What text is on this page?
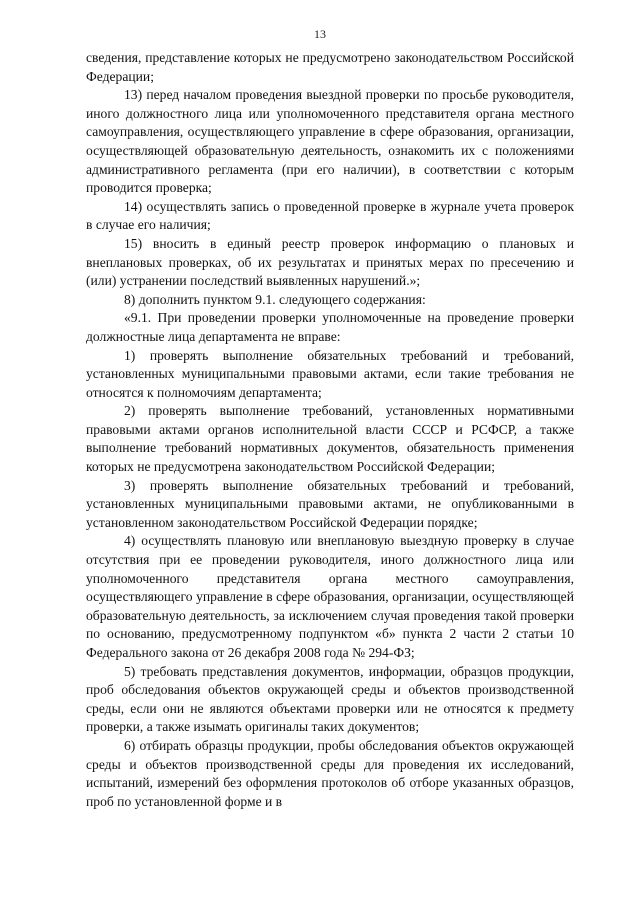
13

сведения, представление которых не предусмотрено законодательством Российской Федерации;

13) перед началом проведения выездной проверки по просьбе руководителя, иного должностного лица или уполномоченного представителя органа местного самоуправления, осуществляющего управление в сфере образования, организации, осуществляющей образовательную деятельность, ознакомить их с положениями административного регламента (при его наличии), в соответствии с которым проводится проверка;

14) осуществлять запись о проведенной проверке в журнале учета проверок в случае его наличия;

15) вносить в единый реестр проверок информацию о плановых и внеплановых проверках, об их результатах и принятых мерах по пресечению и (или) устранении последствий выявленных нарушений.»;

8) дополнить пунктом 9.1. следующего содержания:

«9.1. При проведении проверки уполномоченные на проведение проверки должностные лица департамента не вправе:

1) проверять выполнение обязательных требований и требований, установленных муниципальными правовыми актами, если такие требования не относятся к полномочиям департамента;

2) проверять выполнение требований, установленных нормативными правовыми актами органов исполнительной власти СССР и РСФСР, а также выполнение требований нормативных документов, обязательность применения которых не предусмотрена законодательством Российской Федерации;

3) проверять выполнение обязательных требований и требований, установленных муниципальными правовыми актами, не опубликованными в установленном законодательством Российской Федерации порядке;

4) осуществлять плановую или внеплановую выездную проверку в случае отсутствия при ее проведении руководителя, иного должностного лица или уполномоченного представителя органа местного самоуправления, осуществляющего управление в сфере образования, организации, осуществляющей образовательную деятельность, за исключением случая проведения такой проверки по основанию, предусмотренному подпунктом «б» пункта 2 части 2 статьи 10 Федерального закона от 26 декабря 2008 года № 294-ФЗ;

5) требовать представления документов, информации, образцов продукции, проб обследования объектов окружающей среды и объектов производственной среды, если они не являются объектами проверки или не относятся к предмету проверки, а также изымать оригиналы таких документов;

6) отбирать образцы продукции, пробы обследования объектов окружающей среды и объектов производственной среды для проведения их исследований, испытаний, измерений без оформления протоколов об отборе указанных образцов, проб по установленной форме и в
